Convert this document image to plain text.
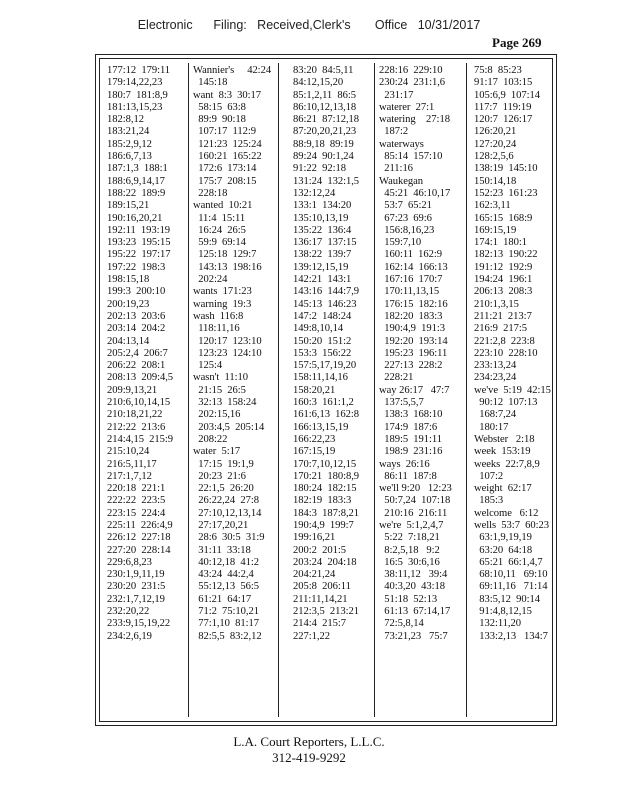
Electronic      Filing:   Received,Clerk's       Office   10/31/2017
Page 269
177:12  179:11
179:14,22,23
180:7  181:8,9
181:13,15,23
182:8,12
183:21,24
185:2,9,12
186:6,7,13
187:1,3  188:1
188:6,9,14,17
188:22  189:9
189:15,21
190:16,20,21
192:11  193:19
193:23  195:15
195:22  197:17
197:22  198:3
198:15,18
199:3  200:10
200:19,23
202:13  203:6
203:14  204:2
204:13,14
205:2,4  206:7
206:22  208:1
208:13  209:4,5
209:9,13,21
210:6,10,14,15
210:18,21,22
212:22  213:6
214:4,15  215:9
215:10,24
216:5,11,17
217:1,7,12
220:18  221:1
222:22  223:5
223:15  224:4
225:11  226:4,9
226:12  227:18
227:20  228:14
229:6,8,23
230:1,9,11,19
230:20  231:5
232:1,7,12,19
232:20,22
233:9,15,19,22
234:2,6,19
Wannier's     42:24
145:18
want  8:3  30:17
58:15  63:8
89:9  90:18
107:17  112:9
121:23  125:24
160:21  165:22
172:6  173:14
175:7  208:15
228:18
wanted  10:21
11:4  15:11
16:24  26:5
59:9  69:14
125:18  129:7
143:13  198:16
202:24
wants  171:23
warning  19:3
wash  116:8
118:11,16
120:17  123:10
123:23  124:10
125:4
wasn't  11:10
21:15  26:5
32:13  158:24
202:15,16
203:4,5  205:14
208:22
water  5:17
17:15  19:1,9
20:23  21:6
22:1,5  26:20
26:22,24  27:8
27:10,12,13,14
27:17,20,21
28:6  30:5  31:9
31:11  33:18
40:12,18  41:2
43:24  44:2,4
55:12,13  56:5
61:21  64:17
71:2  75:10,21
77:1,10  81:17
82:5,5  83:2,12
83:20  84:5,11
84:12,15,20
85:1,2,11  86:5
86:10,12,13,18
86:21  87:12,18
87:20,20,21,23
88:9,18  89:19
89:24  90:1,24
91:22  92:18
131:24  132:1,5
132:12,24
133:1  134:20
135:10,13,19
135:22  136:4
136:17  137:15
138:22  139:7
139:12,15,19
142:21  143:1
143:16  144:7,9
145:13  146:23
147:2  148:24
149:8,10,14
150:20  151:2
153:3  156:22
157:5,17,19,20
158:11,14,16
158:20,21
160:3  161:1,2
161:6,13  162:8
166:13,15,19
166:22,23
167:15,19
170:7,10,12,15
170:21  180:8,9
180:24  182:15
182:19  183:3
184:3  187:8,21
190:4,9  199:7
199:16,21
200:2  201:5
203:24  204:18
204:21,24
205:8  206:11
211:11,14,21
212:3,5  213:21
214:4  215:7
227:1,22
228:16  229:10
230:24  231:1,6
231:17
waterer  27:1
watering    27:18
187:2
waterways
85:14  157:10
211:16
Waukegan
45:21  46:10,17
53:7  65:21
67:23  69:6
156:8,16,23
159:7,10
160:11  162:9
162:14  166:13
167:16  170:7
170:11,13,15
176:15  182:16
182:20  183:3
190:4,9  191:3
192:20  193:14
195:23  196:11
227:13  228:2
228:21
way 26:17   47:7
137:5,5,7
138:3  168:10
174:9  187:6
189:5  191:11
198:9  231:16
ways  26:16
86:11  187:8
we'll 9:20   12:23
50:7,24  107:18
210:16  216:11
we're  5:1,2,4,7
5:22  7:18,21
8:2,5,18   9:2
16:5  30:6,16
38:11,12   39:4
40:3,20  43:18
51:18  52:13
61:13  67:14,17
72:5,8,14
73:21,23   75:7
75:8  85:23
91:17  103:15
105:6,9  107:14
117:7  119:19
120:7  126:17
126:20,21
127:20,24
128:2,5,6
138:19  145:10
150:14,18
152:23  161:23
162:3,11
165:15  168:9
169:15,19
174:1  180:1
182:13  190:22
191:12  192:9
194:24  196:1
206:13  208:3
210:1,3,15
211:21  213:7
216:9  217:5
221:2,8  223:8
223:10  228:10
233:13,24
234:23,24
we've  5:19  42:15
90:12  107:13
168:7,24
180:17
Webster   2:18
week  153:19
weeks  22:7,8,9
107:2
weight  62:17
185:3
welcome   6:12
wells  53:7  60:23
63:1,9,19,19
63:20  64:18
65:21  66:1,4,7
68:10,11   69:10
69:11,16   71:14
83:5,12  90:14
91:4,8,12,15
132:11,20
133:2,13   134:7
L.A. Court Reporters, L.L.C.
312-419-9292
